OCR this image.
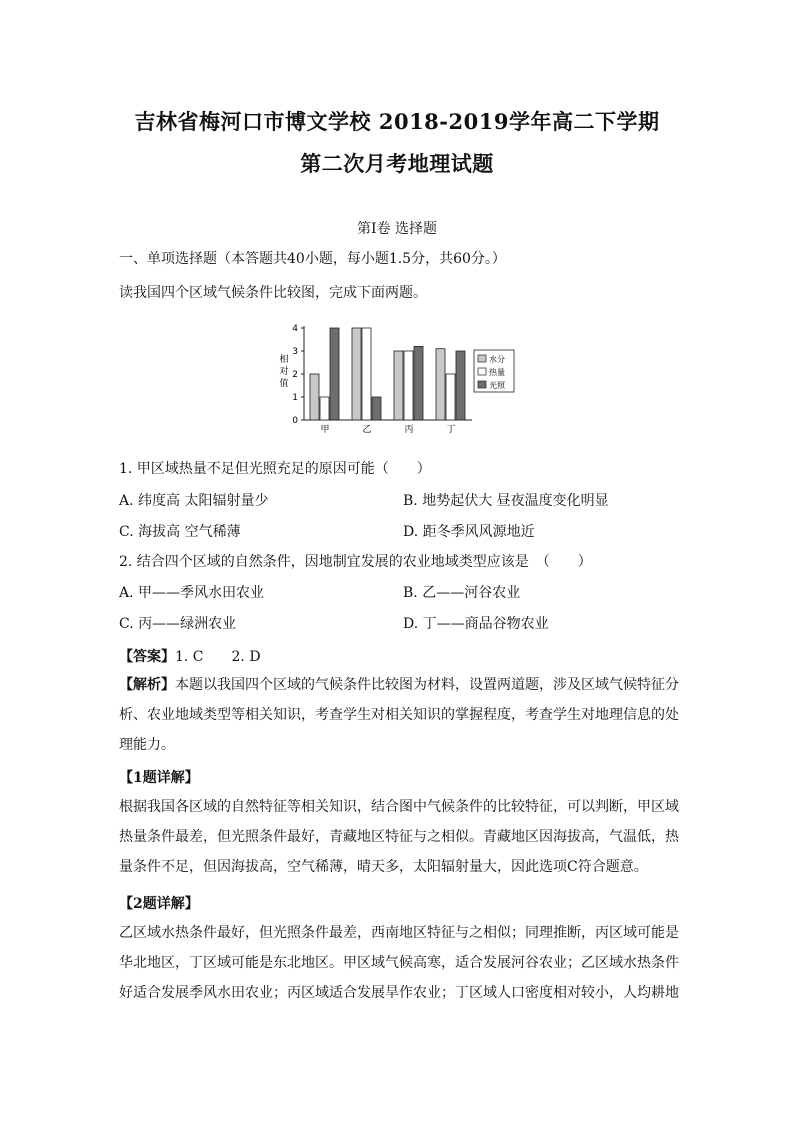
吉林省梅河口市博文学校 2018-2019学年高二下学期
第二次月考地理试题
第Ⅰ卷 选择题
一、单项选择题（本答题共40小题，每小题1.5分，共60分。）
读我国四个区域气候条件比较图，完成下面两题。
相
对
值
0
1
2
3
4
甲	乙	丙	丁
水分
热量
光照
1. 甲区域热量不足但光照充足的原因可能（　　）
A. 纬度高 太阳辐射量少	B. 地势起伏大 昼夜温度变化明显
C. 海拔高 空气稀薄	D. 距冬季风风源地近
2. 结合四个区域的自然条件，因地制宜发展的农业地域类型应该是　（　　）
A. 甲——季风水田农业	B. 乙——河谷农业
C. 丙——绿洲农业	D. 丁——商品谷物农业
【答案】1. C　　2. D
【解析】本题以我国四个区域的气候条件比较图为材料，设置两道题，涉及区域气候特征分析、农业地域类型等相关知识，考查学生对相关知识的掌握程度，考查学生对地理信息的处理能力。
【1题详解】
根据我国各区域的自然特征等相关知识，结合图中气候条件的比较特征，可以判断，甲区域热量条件最差，但光照条件最好，青藏地区特征与之相似。青藏地区因海拔高，气温低，热量条件不足，但因海拔高，空气稀薄，晴天多，太阳辐射量大，因此选项C符合题意。
【2题详解】
乙区域水热条件最好，但光照条件最差，西南地区特征与之相似；同理推断，丙区域可能是华北地区，丁区域可能是东北地区。甲区域气候高寒，适合发展河谷农业；乙区域水热条件好适合发展季风水田农业；丙区域适合发展旱作农业；丁区域人口密度相对较小，人均耕地
